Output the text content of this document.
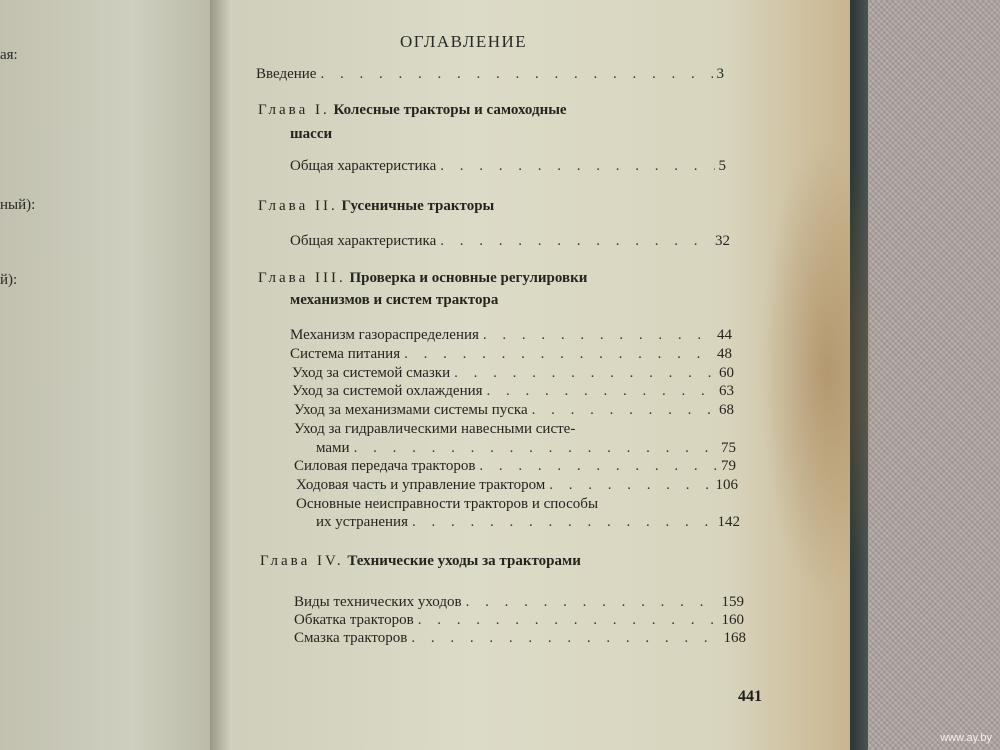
ая:
ный):
й):
ОГЛАВЛЕНИЕ
Введение . . .	3
Глава I. Колесные тракторы и самоходные
шасси
Общая характеристика . . .	5
Глава II. Гусеничные тракторы
Общая характеристика . . .	32
Глава III. Проверка и основные регулировки
механизмов и систем трактора
Механизм газораспределения . . .	44
Система питания . . .	48
Уход за системой смазки . . .	60
Уход за системой охлаждения . . .	63
Уход за механизмами системы пуска . . .	68
Уход за гидравлическими навесными систе-
мами . . .	75
Силовая передача тракторов . . .	79
Ходовая часть и управление трактором . . .	106
Основные неисправности тракторов и способы
их устранения . . .	142
Глава IV. Технические уходы за тракторами
Виды технических уходов . . .	159
Обкатка тракторов . . .	160
Смазка тракторов . . .	168
441
www.ay.by
